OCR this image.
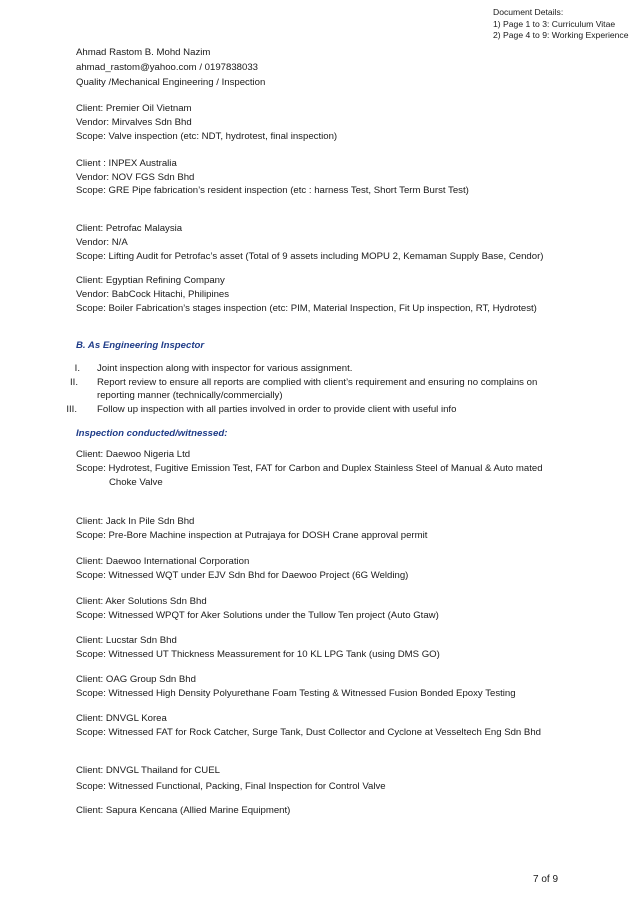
Document Details:
1) Page 1 to 3: Curriculum Vitae
2) Page 4 to 9: Working Experience
Ahmad Rastom B. Mohd Nazim
ahmad_rastom@yahoo.com / 0197838033
Quality /Mechanical Engineering / Inspection
Client: Premier Oil Vietnam
Vendor: Mirvalves Sdn Bhd
Scope: Valve inspection (etc: NDT, hydrotest, final inspection)
Client : INPEX Australia
Vendor: NOV FGS Sdn Bhd
Scope: GRE Pipe fabrication’s resident inspection (etc : harness Test, Short Term Burst Test)
Client: Petrofac Malaysia
Vendor: N/A
Scope: Lifting Audit for Petrofac’s asset (Total of 9 assets including MOPU 2, Kemaman Supply Base, Cendor)
Client: Egyptian Refining Company
Vendor: BabCock Hitachi, Philipines
Scope: Boiler Fabrication’s stages inspection (etc: PIM, Material Inspection, Fit Up inspection, RT, Hydrotest)
B. As Engineering Inspector
I. Joint inspection along with inspector for various assignment.
II. Report review to ensure all reports are complied with client’s requirement and ensuring no complains on
reporting manner (technically/commercially)
III. Follow up inspection with all parties involved in order to provide client with useful info
Inspection conducted/witnessed:
Client: Daewoo Nigeria Ltd
Scope: Hydrotest, Fugitive Emission Test, FAT for Carbon and Duplex Stainless Steel of Manual & Auto mated
Choke Valve
Client: Jack In Pile Sdn Bhd
Scope: Pre-Bore Machine inspection at Putrajaya for DOSH Crane approval permit
Client: Daewoo International Corporation
Scope: Witnessed WQT under EJV Sdn Bhd for Daewoo Project (6G Welding)
Client: Aker Solutions Sdn Bhd
Scope: Witnessed WPQT for Aker Solutions under the Tullow Ten project (Auto Gtaw)
Client: Lucstar Sdn Bhd
Scope: Witnessed UT Thickness Meassurement for 10 KL LPG Tank (using DMS GO)
Client: OAG Group Sdn Bhd
Scope: Witnessed High Density Polyurethane Foam Testing & Witnessed Fusion Bonded Epoxy Testing
Client: DNVGL Korea
Scope: Witnessed FAT for Rock Catcher, Surge Tank, Dust Collector and Cyclone at Vesseltech Eng Sdn Bhd
Client: DNVGL Thailand for CUEL
Scope: Witnessed Functional, Packing, Final Inspection for Control Valve
Client: Sapura Kencana (Allied Marine Equipment)
7 of 9
